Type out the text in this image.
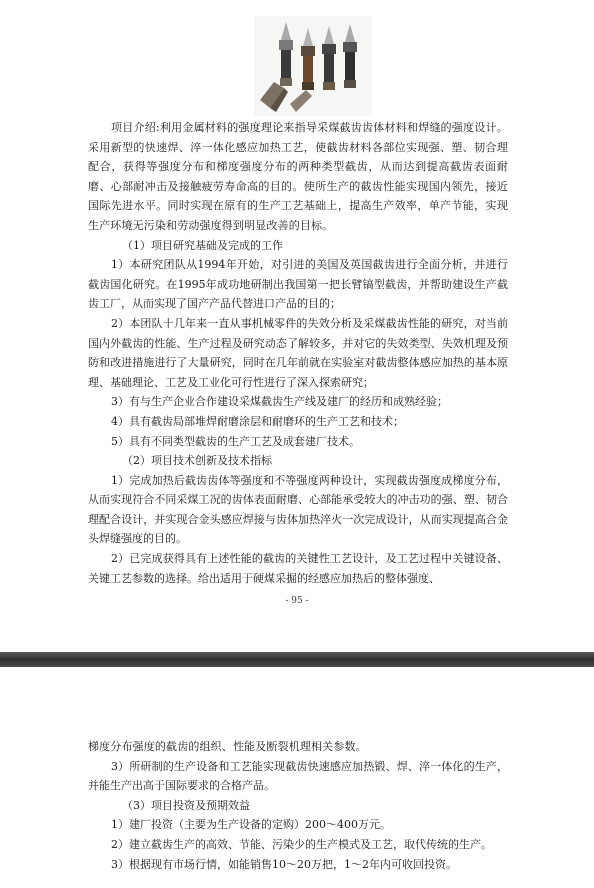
项目介绍:利用金属材料的强度理论来指导采煤截齿齿体材料和焊缝的强度设计。采用新型的快速焊、淬一体化感应加热工艺，使截齿材料各部位实现强、塑、韧合理配合，获得等强度分布和梯度强度分布的两种类型截齿，从而达到提高截齿表面耐磨、心部耐冲击及接触疲劳寿命高的目的。使所生产的截齿性能实现国内领先，接近国际先进水平。同时实现在原有的生产工艺基础上，提高生产效率，单产节能，实现生产环境无污染和劳动强度得到明显改善的目标。

（1）项目研究基础及完成的工作

1）本研究团队从1994年开始，对引进的美国及英国截齿进行全面分析，并进行截齿国化研究。在1995年成功地研制出我国第一把长臂镐型截齿，并帮助建设生产截齿工厂，从而实现了国产产品代替进口产品的目的；

2）本团队十几年来一直从事机械零件的失效分析及采煤截齿性能的研究，对当前国内外截齿的性能、生产过程及研究动态了解较多，并对它的失效类型、失效机理及预防和改进措施进行了大量研究，同时在几年前就在实验室对截齿整体感应加热的基本原理、基础理论、工艺及工业化可行性进行了深入探索研究；

3）有与生产企业合作建设采煤截齿生产线及建厂的经历和成熟经验；

4）具有截齿局部堆焊耐磨涂层和耐磨环的生产工艺和技术；

5）具有不同类型截齿的生产工艺及成套建厂技术。

（2）项目技术创新及技术指标

1）完成加热后截齿齿体等强度和不等强度两种设计，实现截齿强度成梯度分布，从而实现符合不同采煤工况的齿体表面耐磨、心部能承受较大的冲击功的强、塑、韧合理配合设计，并实现合金头感应焊接与齿体加热淬火一次完成设计，从而实现提高合金头焊缝强度的目的。

2）已完成获得具有上述性能的截齿的关键性工艺设计，及工艺过程中关键设备、关键工艺参数的选择。给出适用于硬煤采掘的经感应加热后的整体强度、

- 95 -

梯度分布强度的截齿的组织、性能及断裂机理相关参数。

3）所研制的生产设备和工艺能实现截齿快速感应加热锻、焊、淬一体化的生产，并能生产出高于国际要求的合格产品。

（3）项目投资及预期效益

1）建厂投资（主要为生产设备的定购）200～400万元。

2）建立截齿生产的高效、节能、污染少的生产模式及工艺，取代传统的生产。

3）根据现有市场行情，如能销售10～20万把，1～2年内可收回投资。
